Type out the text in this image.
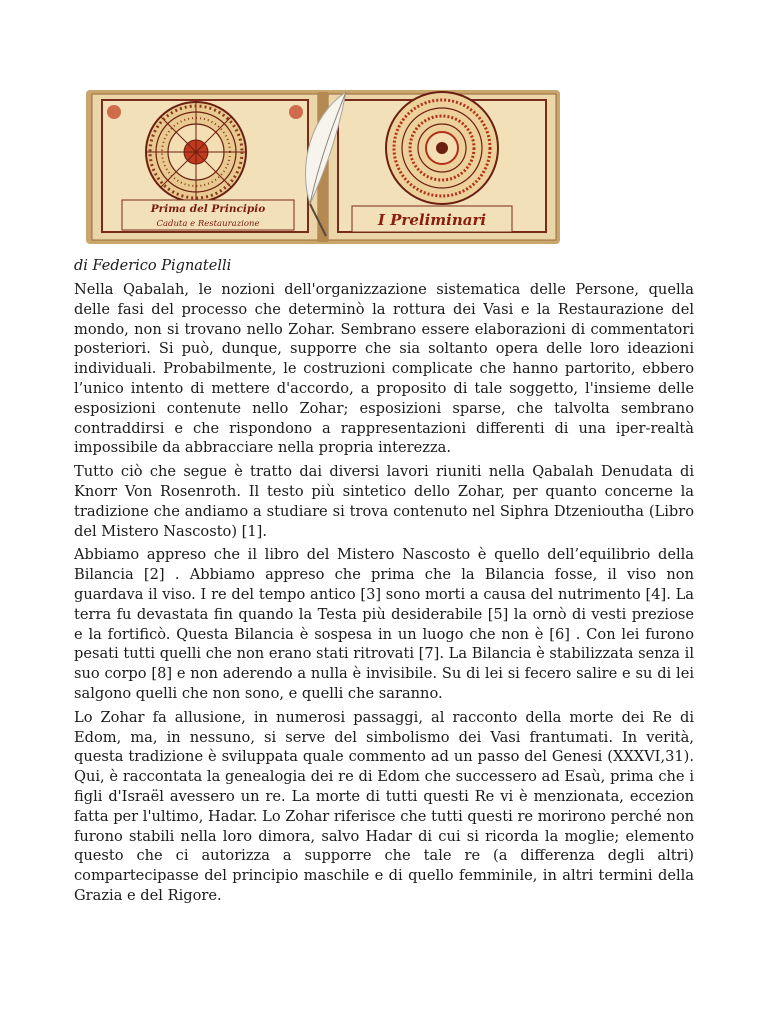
Prima del Principio
Caduta e Restaurazione	I Preliminari
di Federico Pignatelli

Nella Qabalah, le nozioni dell'organizzazione sistematica delle Persone, quella delle fasi del processo che determinò la rottura dei Vasi e la Restaurazione del mondo, non si trovano nello Zohar. Sembrano essere elaborazioni di commentatori posteriori. Si può, dunque, supporre che sia soltanto opera delle loro ideazioni individuali. Probabilmente, le costruzioni complicate che hanno partorito, ebbero l’unico intento di mettere d'accordo, a proposito di tale soggetto, l'insieme delle esposizioni contenute nello Zohar; esposizioni sparse, che talvolta sembrano contraddirsi e che rispondono a rappresentazioni differenti di una iper-realtà impossibile da abbracciare nella propria interezza.

Tutto ciò che segue è tratto dai diversi lavori riuniti nella Qabalah Denudata di Knorr Von Rosenroth. Il testo più sintetico dello Zohar, per quanto concerne la tradizione che andiamo a studiare si trova contenuto nel Siphra Dtzenioutha (Libro del Mistero Nascosto) [1].

Abbiamo appreso che il libro del Mistero Nascosto è quello dell’equilibrio della Bilancia [2] . Abbiamo appreso che prima che la Bilancia fosse, il viso non guardava il viso. I re del tempo antico [3] sono morti a causa del nutrimento [4]. La terra fu devastata fin quando la Testa più desiderabile [5] la ornò di vesti preziose e la fortificò. Questa Bilancia è sospesa in un luogo che non è [6] . Con lei furono pesati tutti quelli che non erano stati ritrovati [7]. La Bilancia è stabilizzata senza il suo corpo [8] e non aderendo a nulla è invisibile. Su di lei si fecero salire e su di lei salgono quelli che non sono, e quelli che saranno.

Lo Zohar fa allusione, in numerosi passaggi, al racconto della morte dei Re di Edom, ma, in nessuno, si serve del simbolismo dei Vasi frantumati. In verità, questa tradizione è sviluppata quale commento ad un passo del Genesi (XXXVI,31). Qui, è raccontata la genealogia dei re di Edom che successero ad Esaù, prima che i figli d'Israël avessero un re. La morte di tutti questi Re vi è menzionata, eccezion fatta per l'ultimo, Hadar. Lo Zohar riferisce che tutti questi re morirono perché non furono stabili nella loro dimora, salvo Hadar di cui si ricorda la moglie; elemento questo che ci autorizza a supporre che tale re (a differenza degli altri) compartecipasse del principio maschile e di quello femminile, in altri termini della Grazia e del Rigore.
